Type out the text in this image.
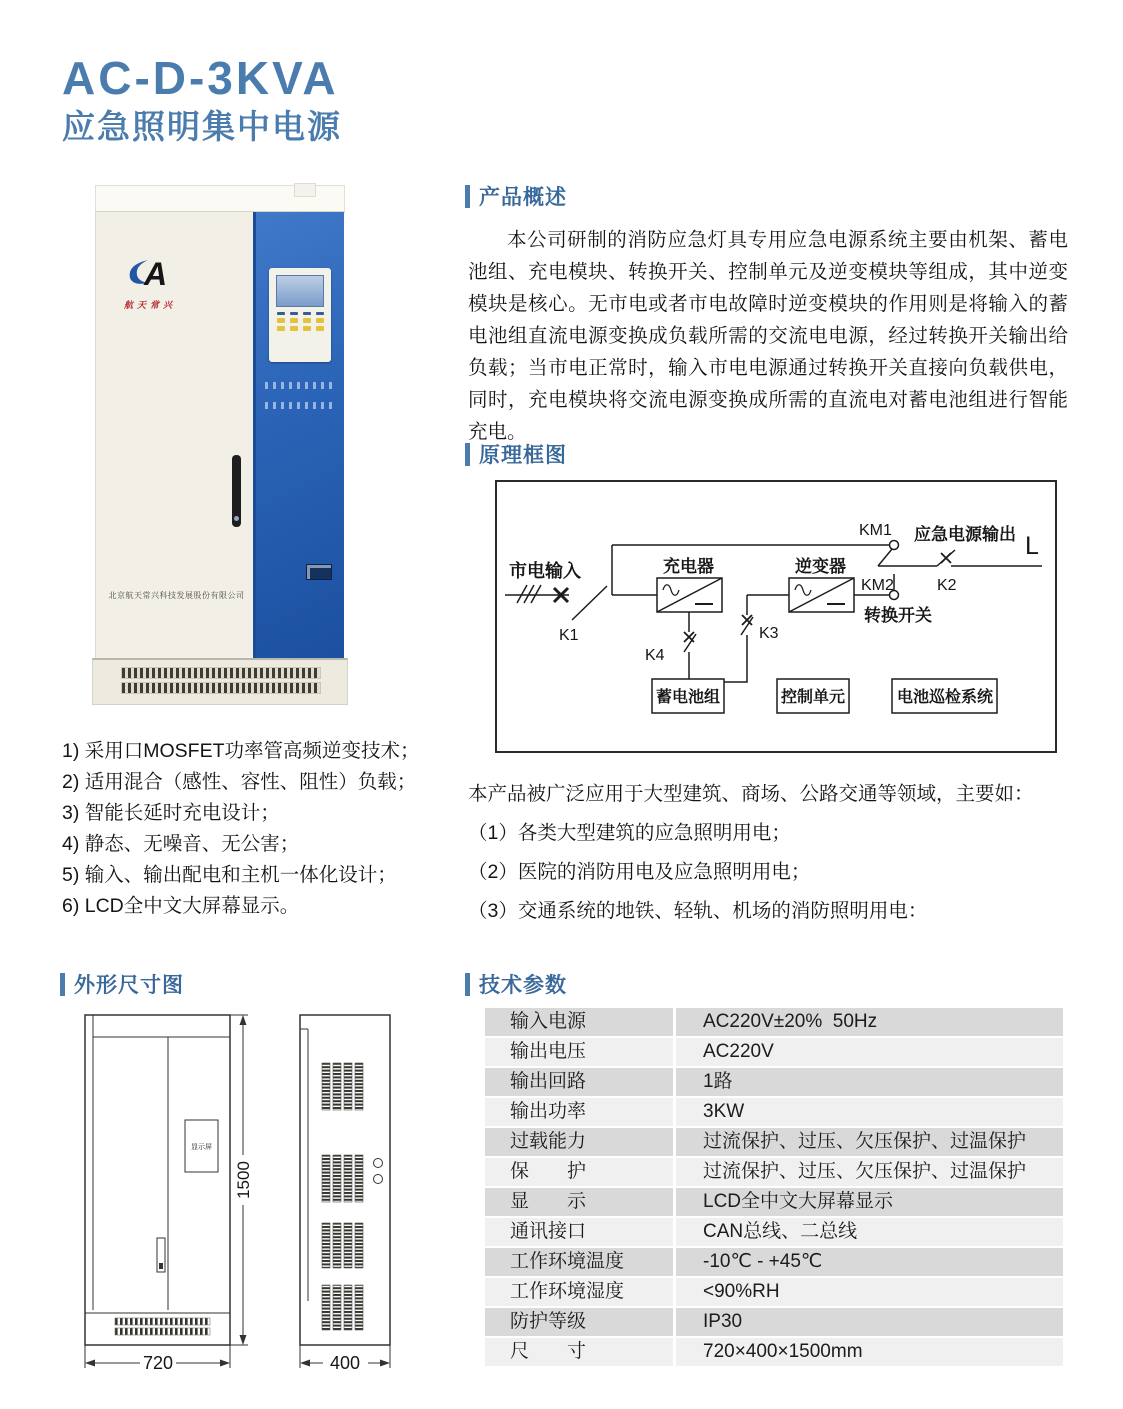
AC-D-3KVA
应急照明集中电源
A
航天常兴
北京航天常兴科技发展股份有限公司
产品概述
本公司研制的消防应急灯具专用应急电源系统主要由机架、蓄电池组、充电模块、转换开关、控制单元及逆变模块等组成，其中逆变模块是核心。无市电或者市电故障时逆变模块的作用则是将输入的蓄电池组直流电源变换成负载所需的交流电电源，经过转换开关输出给负载；当市电正常时，输入市电电源通过转换开关直接向负载供电，同时，充电模块将交流电源变换成所需的直流电对蓄电池组进行智能充电。
原理框图
市电输入
K1
充电器	逆变器
KM1
KM2
转换开关
应急电源输出 L
K2
K4
K3
蓄电池组	控制单元	电池巡检系统
1) 采用口MOSFET功率管高频逆变技术；
2) 适用混合（感性、容性、阻性）负载；
3) 智能长延时充电设计；
4) 静态、无噪音、无公害；
5) 输入、输出配电和主机一体化设计；
6) LCD全中文大屏幕显示。
本产品被广泛应用于大型建筑、商场、公路交通等领域，主要如：
（1）各类大型建筑的应急照明用电；
（2）医院的消防用电及应急照明用电；
（3）交通系统的地铁、轻轨、机场的消防照明用电：
外形尺寸图
显示屏
1500
720	400
技术参数
输入电源	AC220V±20%  50Hz
输出电压	AC220V
输出回路	1路
输出功率	3KW
过载能力	过流保护、过压、欠压保护、过温保护
保　　护	过流保护、过压、欠压保护、过温保护
显　　示	LCD全中文大屏幕显示
通讯接口	CAN总线、二总线
工作环境温度	-10℃ - +45℃
工作环境湿度	<90%RH
防护等级	IP30
尺　　寸	720×400×1500mm
